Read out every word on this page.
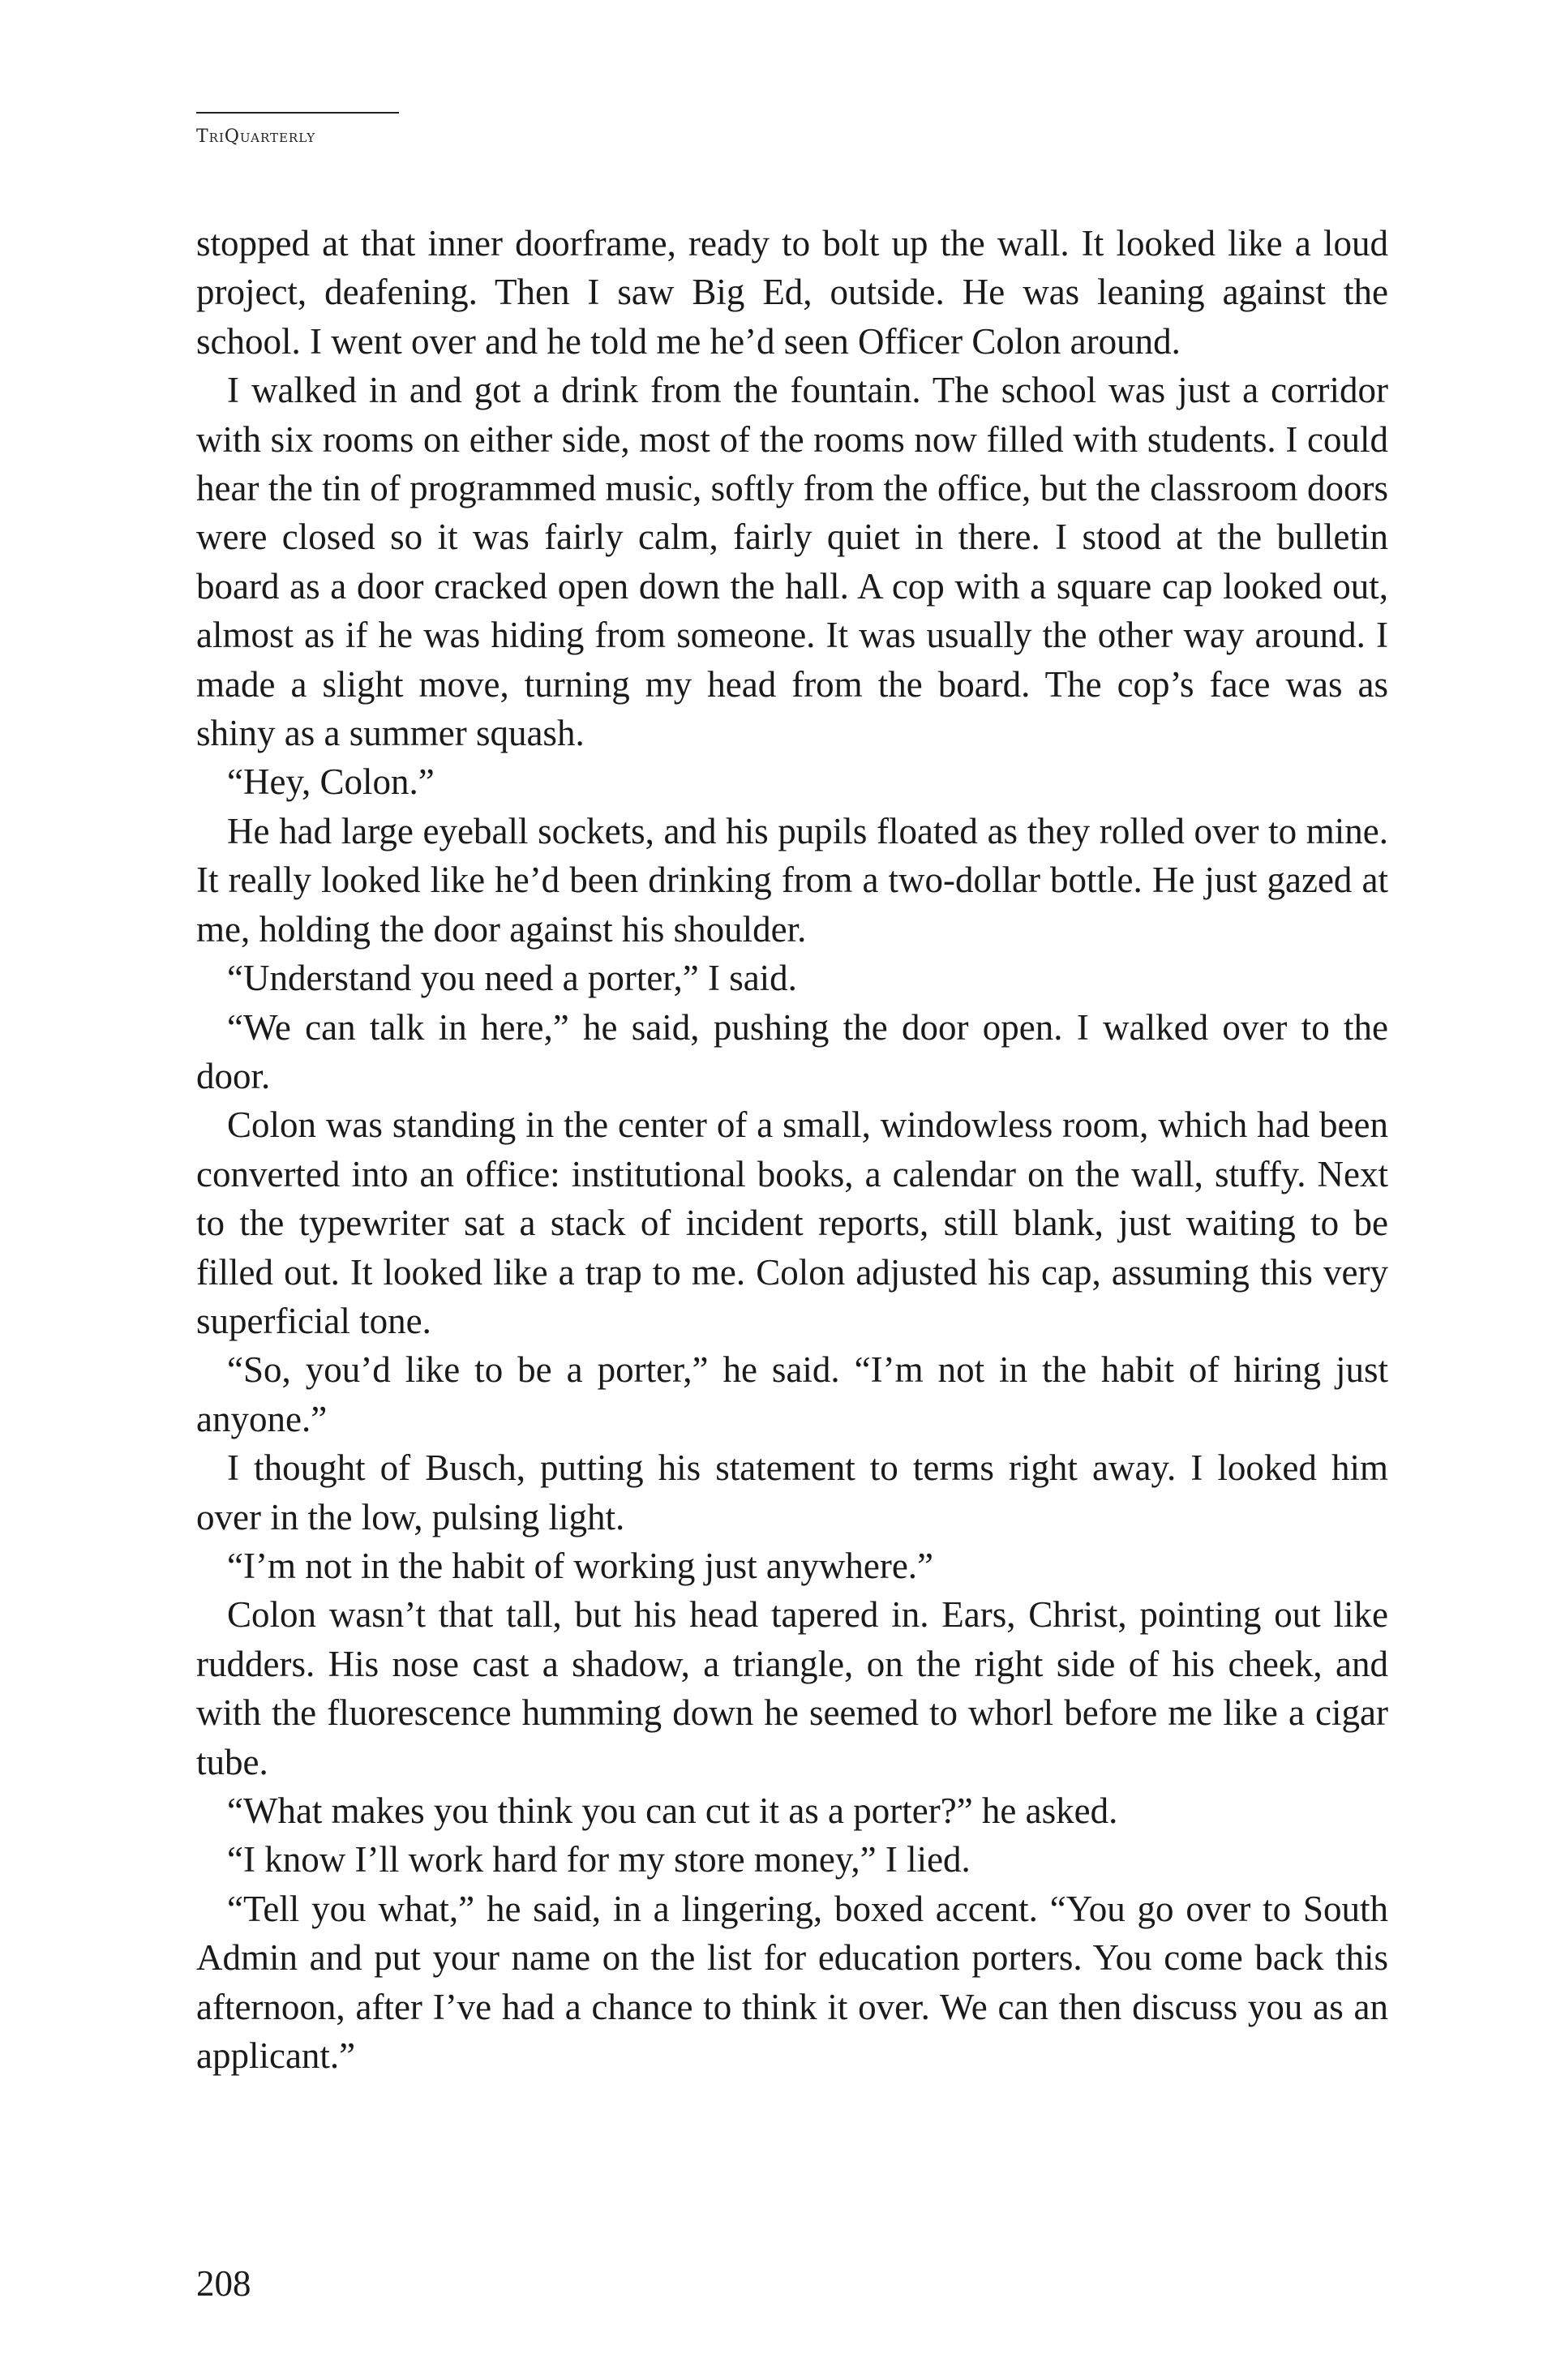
TriQuarterly

stopped at that inner doorframe, ready to bolt up the wall. It looked like a loud project, deafening. Then I saw Big Ed, outside. He was leaning against the school. I went over and he told me he’d seen Officer Colon around.

I walked in and got a drink from the fountain. The school was just a corridor with six rooms on either side, most of the rooms now filled with students. I could hear the tin of programmed music, softly from the office, but the classroom doors were closed so it was fairly calm, fairly quiet in there. I stood at the bulletin board as a door cracked open down the hall. A cop with a square cap looked out, almost as if he was hiding from someone. It was usually the other way around. I made a slight move, turning my head from the board. The cop’s face was as shiny as a summer squash.

“Hey, Colon.”

He had large eyeball sockets, and his pupils floated as they rolled over to mine. It really looked like he’d been drinking from a two-dollar bottle. He just gazed at me, holding the door against his shoulder.

“Understand you need a porter,” I said.

“We can talk in here,” he said, pushing the door open. I walked over to the door.

Colon was standing in the center of a small, windowless room, which had been converted into an office: institutional books, a calendar on the wall, stuffy. Next to the typewriter sat a stack of incident reports, still blank, just waiting to be filled out. It looked like a trap to me. Colon adjusted his cap, assuming this very superficial tone.

“So, you’d like to be a porter,” he said. “I’m not in the habit of hiring just anyone.”

I thought of Busch, putting his statement to terms right away. I looked him over in the low, pulsing light.

“I’m not in the habit of working just anywhere.”

Colon wasn’t that tall, but his head tapered in. Ears, Christ, pointing out like rudders. His nose cast a shadow, a triangle, on the right side of his cheek, and with the fluorescence humming down he seemed to whorl before me like a cigar tube.

“What makes you think you can cut it as a porter?” he asked.

“I know I’ll work hard for my store money,” I lied.

“Tell you what,” he said, in a lingering, boxed accent. “You go over to South Admin and put your name on the list for education porters. You come back this afternoon, after I’ve had a chance to think it over. We can then discuss you as an applicant.”

208
